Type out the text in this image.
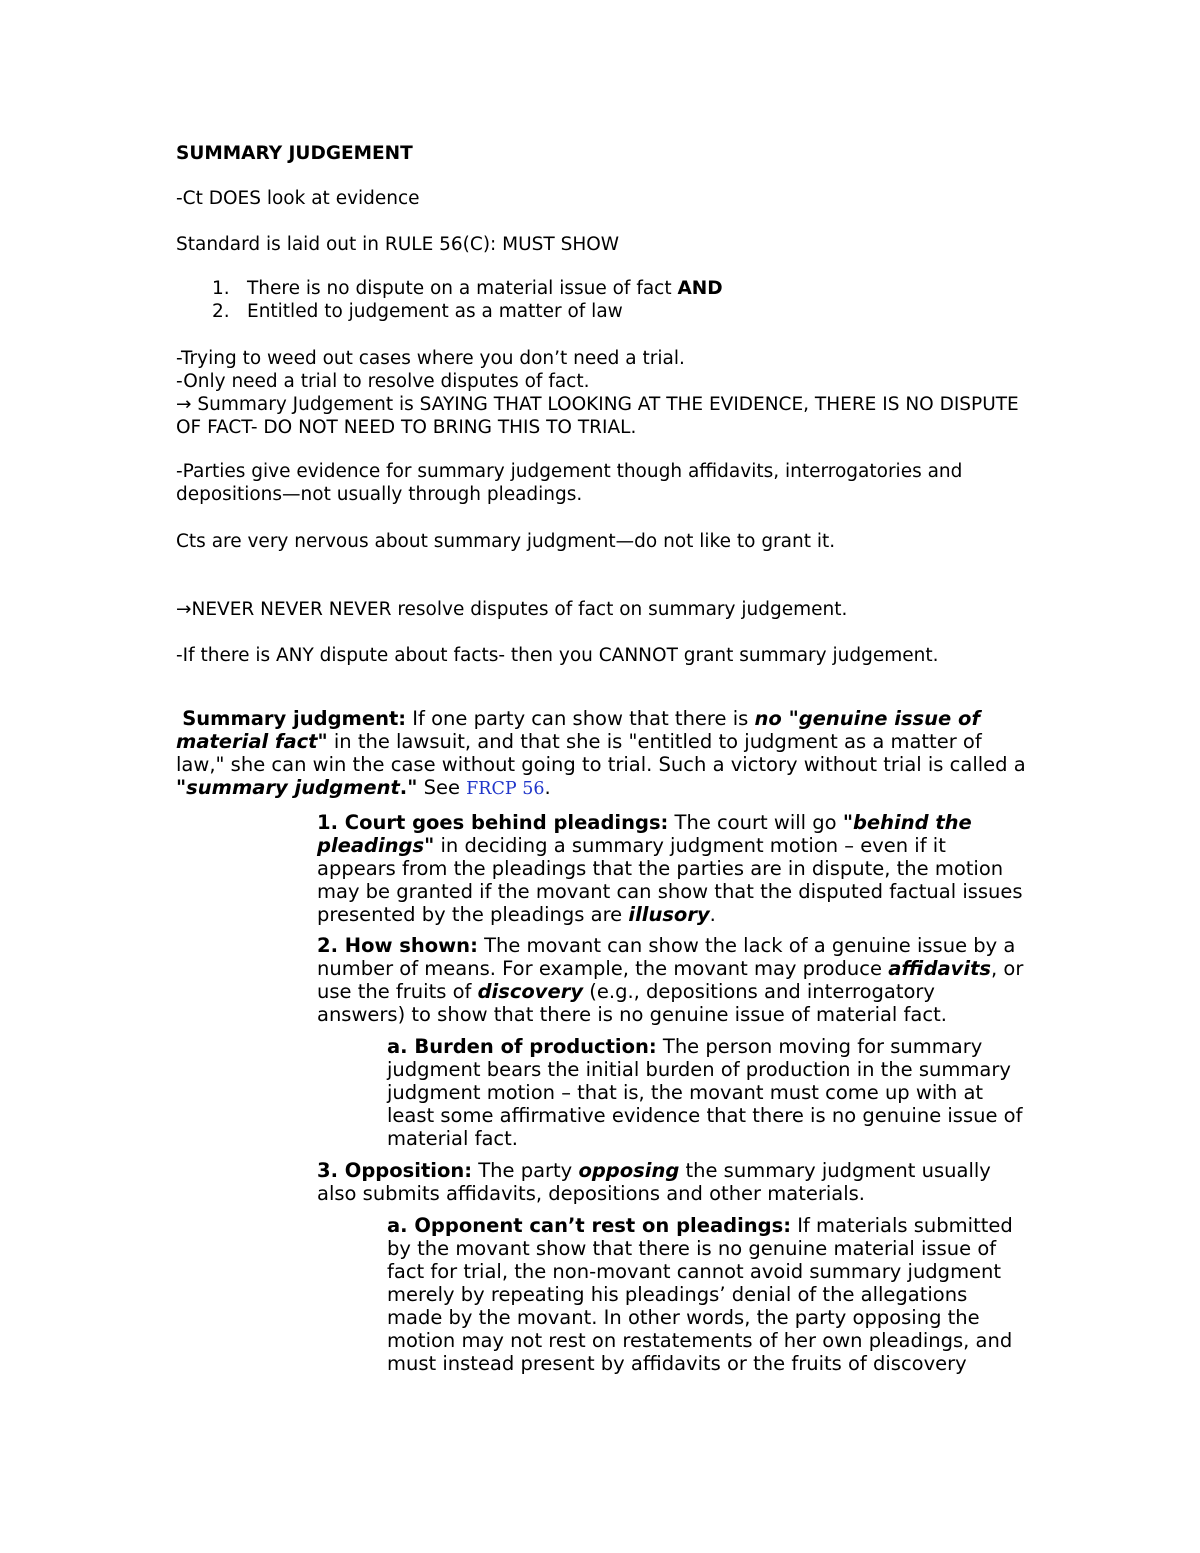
SUMMARY JUDGEMENT

-Ct DOES look at evidence

Standard is laid out in RULE 56(C): MUST SHOW

1. There is no dispute on a material issue of fact AND
2. Entitled to judgement as a matter of law
-Trying to weed out cases where you don’t need a trial.
-Only need a trial to resolve disputes of fact.
→ Summary Judgement is SAYING THAT LOOKING AT THE EVIDENCE, THERE IS NO DISPUTE OF FACT- DO NOT NEED TO BRING THIS TO TRIAL.

-Parties give evidence for summary judgement though affidavits, interrogatories and depositions—not usually through pleadings.

Cts are very nervous about summary judgment—do not like to grant it.

→NEVER NEVER NEVER resolve disputes of fact on summary judgement.

-If there is ANY dispute about facts- then you CANNOT grant summary judgement.

Summary judgment: If one party can show that there is no "genuine issue of material fact" in the lawsuit, and that she is "entitled to judgment as a matter of law," she can win the case without going to trial. Such a victory without trial is called a "summary judgment." See FRCP 56.

1. Court goes behind pleadings: The court will go "behind the pleadings" in deciding a summary judgment motion – even if it appears from the pleadings that the parties are in dispute, the motion may be granted if the movant can show that the disputed factual issues presented by the pleadings are illusory.

2. How shown: The movant can show the lack of a genuine issue by a number of means. For example, the movant may produce affidavits, or use the fruits of discovery (e.g., depositions and interrogatory answers) to show that there is no genuine issue of material fact.

a. Burden of production: The person moving for summary judgment bears the initial burden of production in the summary judgment motion – that is, the movant must come up with at least some affirmative evidence that there is no genuine issue of material fact.

3. Opposition: The party opposing the summary judgment usually also submits affidavits, depositions and other materials.

a. Opponent can’t rest on pleadings: If materials submitted by the movant show that there is no genuine material issue of fact for trial, the non-movant cannot avoid summary judgment merely by repeating his pleadings’ denial of the allegations made by the movant. In other words, the party opposing the motion may not rest on restatements of her own pleadings, and must instead present by affidavits or the fruits of discovery
